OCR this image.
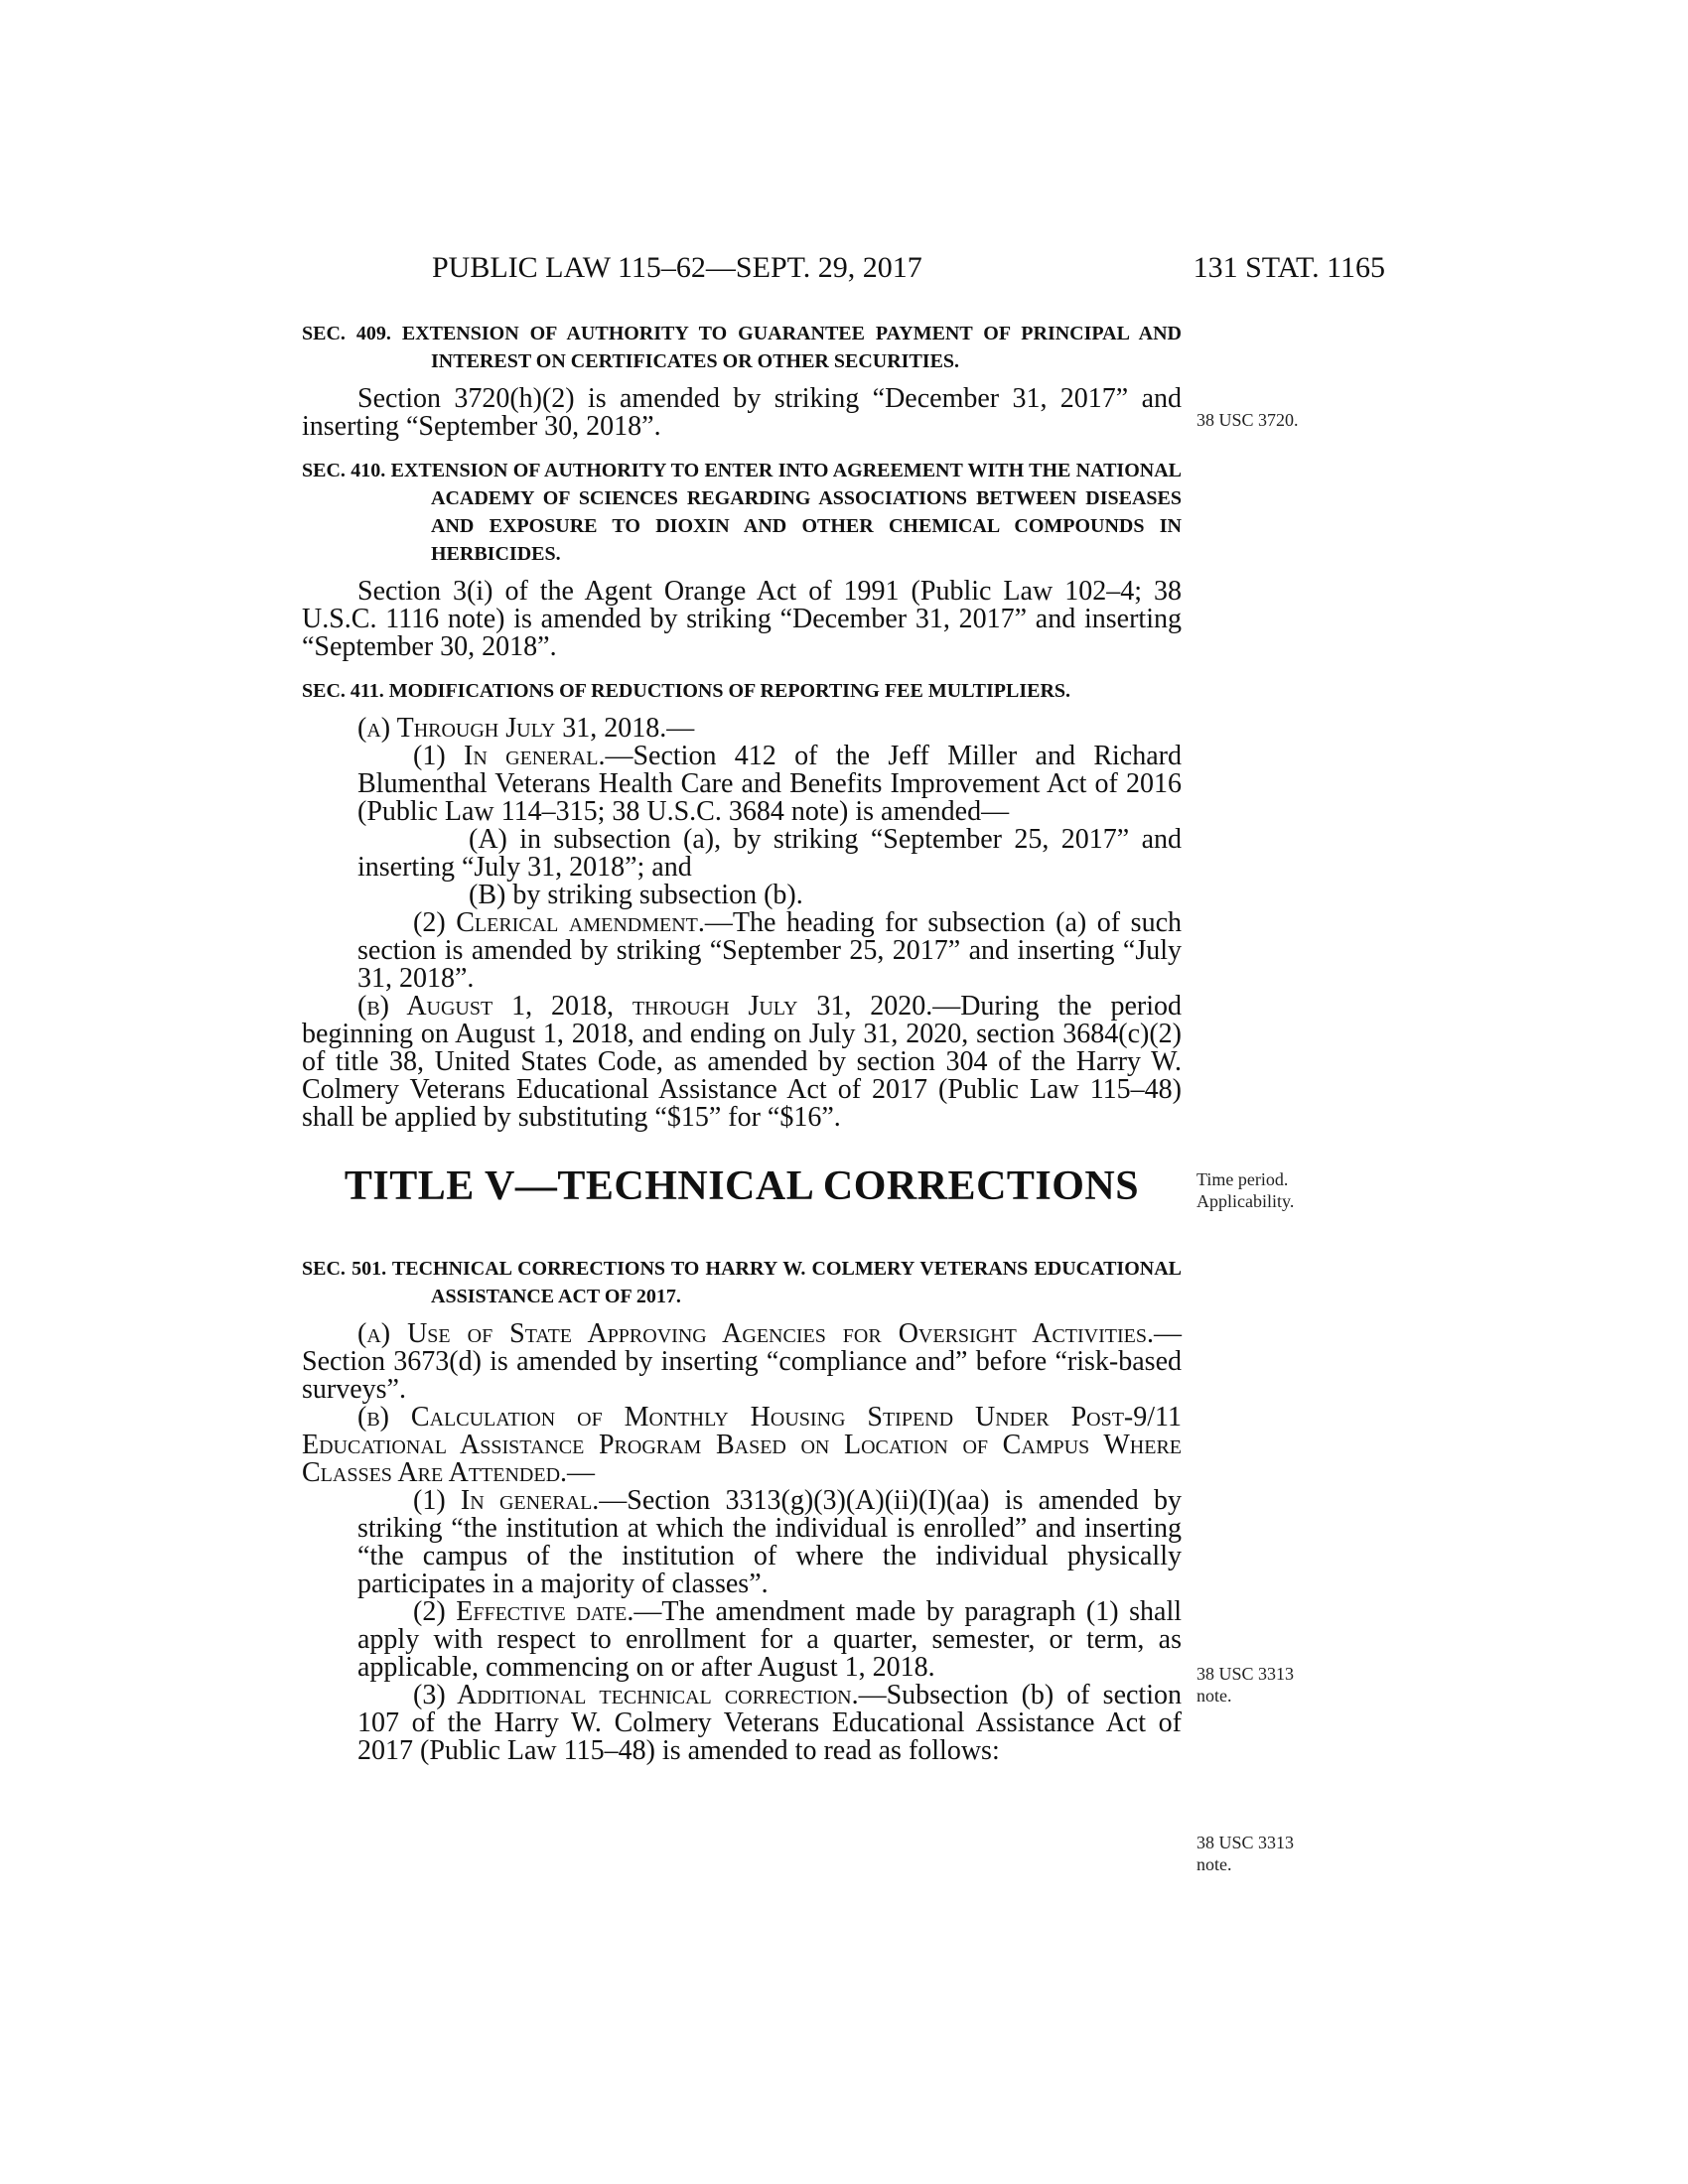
PUBLIC LAW 115–62—SEPT. 29, 2017	131 STAT. 1165
SEC. 409. EXTENSION OF AUTHORITY TO GUARANTEE PAYMENT OF PRINCIPAL AND INTEREST ON CERTIFICATES OR OTHER SECURITIES.

Section 3720(h)(2) is amended by striking “December 31, 2017” and inserting “September 30, 2018”.

SEC. 410. EXTENSION OF AUTHORITY TO ENTER INTO AGREEMENT WITH THE NATIONAL ACADEMY OF SCIENCES REGARDING ASSOCIATIONS BETWEEN DISEASES AND EXPOSURE TO DIOXIN AND OTHER CHEMICAL COMPOUNDS IN HERBICIDES.

Section 3(i) of the Agent Orange Act of 1991 (Public Law 102–4; 38 U.S.C. 1116 note) is amended by striking “December 31, 2017” and inserting “September 30, 2018”.

SEC. 411. MODIFICATIONS OF REDUCTIONS OF REPORTING FEE MULTIPLIERS.

(a) Through July 31, 2018.—

(1) In general.—Section 412 of the Jeff Miller and Richard Blumenthal Veterans Health Care and Benefits Improvement Act of 2016 (Public Law 114–315; 38 U.S.C. 3684 note) is amended—

(A) in subsection (a), by striking “September 25, 2017” and inserting “July 31, 2018”; and

(B) by striking subsection (b).

(2) Clerical amendment.—The heading for subsection (a) of such section is amended by striking “September 25, 2017” and inserting “July 31, 2018”.

(b) August 1, 2018, through July 31, 2020.—During the period beginning on August 1, 2018, and ending on July 31, 2020, section 3684(c)(2) of title 38, United States Code, as amended by section 304 of the Harry W. Colmery Veterans Educational Assistance Act of 2017 (Public Law 115–48) shall be applied by substituting “$15” for “$16”.

TITLE V—TECHNICAL CORRECTIONS
SEC. 501. TECHNICAL CORRECTIONS TO HARRY W. COLMERY VETERANS EDUCATIONAL ASSISTANCE ACT OF 2017.

(a) Use of State Approving Agencies for Oversight Activities.—Section 3673(d) is amended by inserting “compliance and” before “risk-based surveys”.

(b) Calculation of Monthly Housing Stipend Under Post-9/11 Educational Assistance Program Based on Location of Campus Where Classes Are Attended.—

(1) In general.—Section 3313(g)(3)(A)(ii)(I)(aa) is amended by striking “the institution at which the individual is enrolled” and inserting “the campus of the institution of where the individual physically participates in a majority of classes”.

(2) Effective date.—The amendment made by paragraph (1) shall apply with respect to enrollment for a quarter, semester, or term, as applicable, commencing on or after August 1, 2018.

(3) Additional technical correction.—Subsection (b) of section 107 of the Harry W. Colmery Veterans Educational Assistance Act of 2017 (Public Law 115–48) is amended to read as follows:

38 USC 3720.
Time period.
Applicability.
38 USC 3313
note.
38 USC 3313
note.
